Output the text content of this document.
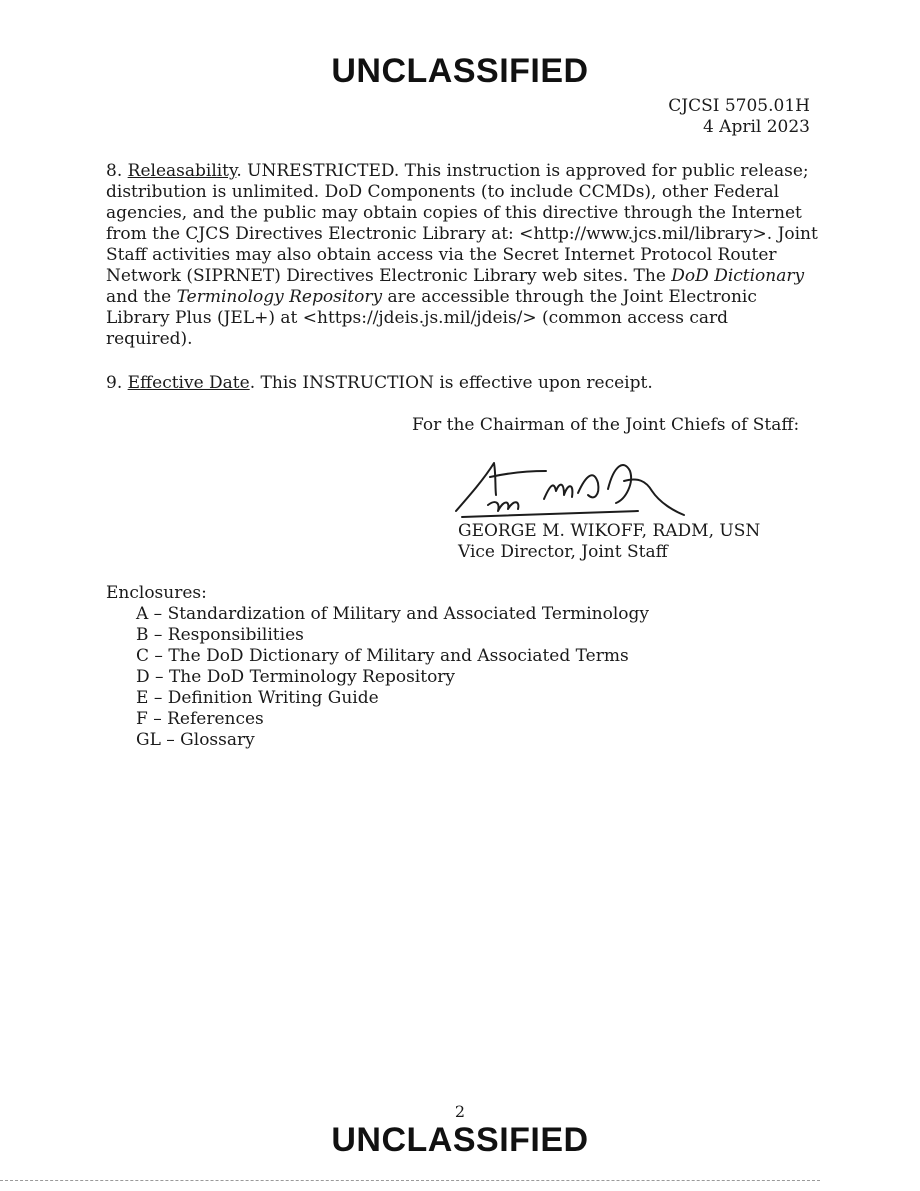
UNCLASSIFIED
CJCSI 5705.01H
4 April 2023

8. Releasability. UNRESTRICTED. This instruction is approved for public release; distribution is unlimited. DoD Components (to include CCMDs), other Federal agencies, and the public may obtain copies of this directive through the Internet from the CJCS Directives Electronic Library at: <http://www.jcs.mil/library>. Joint Staff activities may also obtain access via the Secret Internet Protocol Router Network (SIPRNET) Directives Electronic Library web sites. The DoD Dictionary and the Terminology Repository are accessible through the Joint Electronic Library Plus (JEL+) at <https://jdeis.js.mil/jdeis/> (common access card required).

9. Effective Date. This INSTRUCTION is effective upon receipt.

For the Chairman of the Joint Chiefs of Staff:
GEORGE M. WIKOFF, RADM, USN
Vice Director, Joint Staff
Enclosures:
A – Standardization of Military and Associated Terminology
B – Responsibilities
C – The DoD Dictionary of Military and Associated Terms
D – The DoD Terminology Repository
E – Definition Writing Guide
F – References
GL – Glossary
2
UNCLASSIFIED
